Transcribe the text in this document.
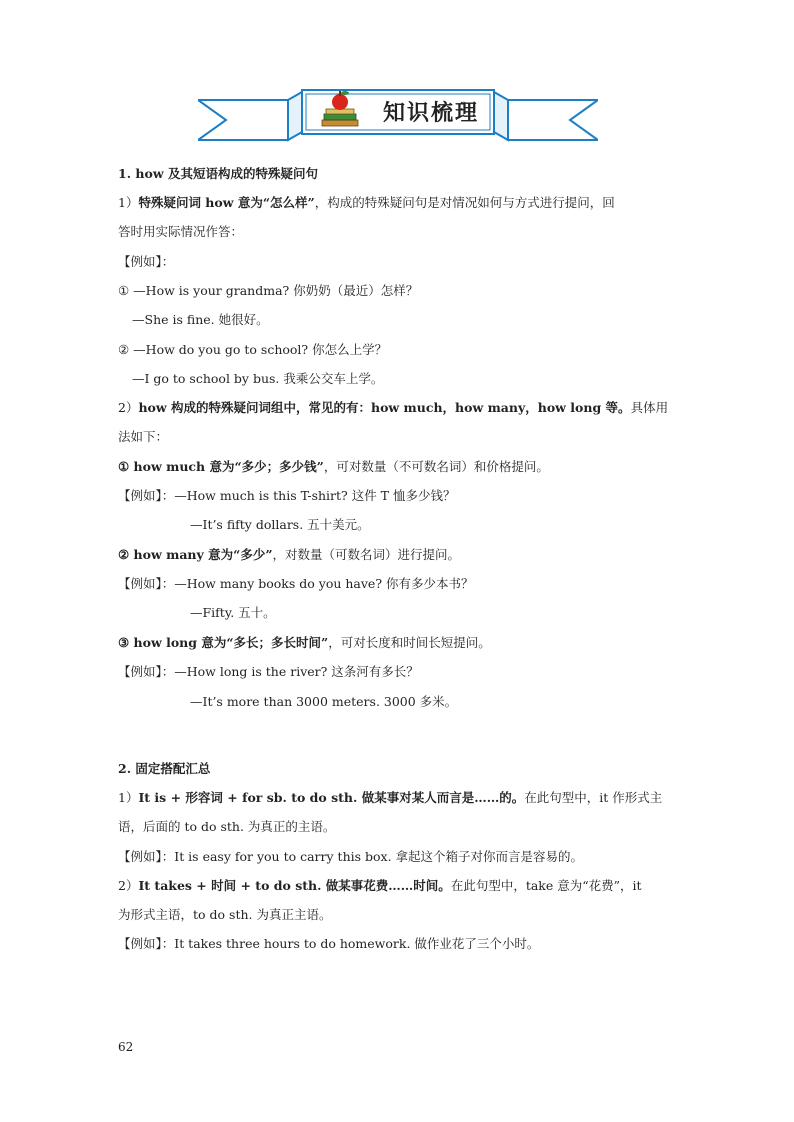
知识梳理
1. how 及其短语构成的特殊疑问句
1）特殊疑问词 how 意为“怎么样”，构成的特殊疑问句是对情况如何与方式进行提问，回
答时用实际情况作答：
【例如】：
① —How is your grandma? 你奶奶（最近）怎样？
—She is fine. 她很好。
② —How do you go to school? 你怎么上学？
—I go to school by bus. 我乘公交车上学。
2）how 构成的特殊疑问词组中，常见的有：how much，how many，how long 等。具体用
法如下：
① how much 意为“多少；多少钱”，可对数量（不可数名词）和价格提问。
【例如】：—How much is this T-shirt? 这件 T 恤多少钱？
—It’s fifty dollars. 五十美元。
② how many 意为“多少”，对数量（可数名词）进行提问。
【例如】：—How many books do you have? 你有多少本书？
—Fifty. 五十。
③ how long 意为“多长；多长时间”，可对长度和时间长短提问。
【例如】：—How long is the river? 这条河有多长？
—It’s more than 3000 meters. 3000 多米。
2. 固定搭配汇总
1）It is + 形容词 + for sb. to do sth. 做某事对某人而言是……的。在此句型中，it 作形式主
语，后面的 to do sth. 为真正的主语。
【例如】：It is easy for you to carry this box. 拿起这个箱子对你而言是容易的。
2）It takes + 时间 + to do sth. 做某事花费……时间。在此句型中，take 意为“花费”，it
为形式主语，to do sth. 为真正主语。
【例如】：It takes three hours to do homework. 做作业花了三个小时。
62
